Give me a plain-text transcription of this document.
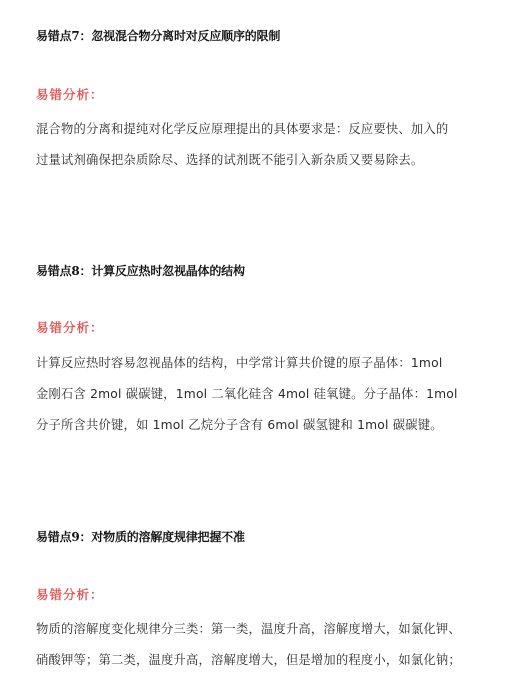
易错点7：忽视混合物分离时对反应顺序的限制
易错分析：
混合物的分离和提纯对化学反应原理提出的具体要求是：反应要快、加入的
过量试剂确保把杂质除尽、选择的试剂既不能引入新杂质又要易除去。
易错点8：计算反应热时忽视晶体的结构
易错分析：
计算反应热时容易忽视晶体的结构，中学常计算共价键的原子晶体：1mol
金刚石含 2mol 碳碳键，1mol 二氧化硅含 4mol 硅氧键。分子晶体：1mol
分子所含共价键，如 1mol 乙烷分子含有 6mol 碳氢键和 1mol 碳碳键。
易错点9：对物质的溶解度规律把握不准
易错分析：
物质的溶解度变化规律分三类：第一类，温度升高，溶解度增大，如氯化钾、
硝酸钾等；第二类，温度升高，溶解度增大，但是增加的程度小，如氯化钠；
